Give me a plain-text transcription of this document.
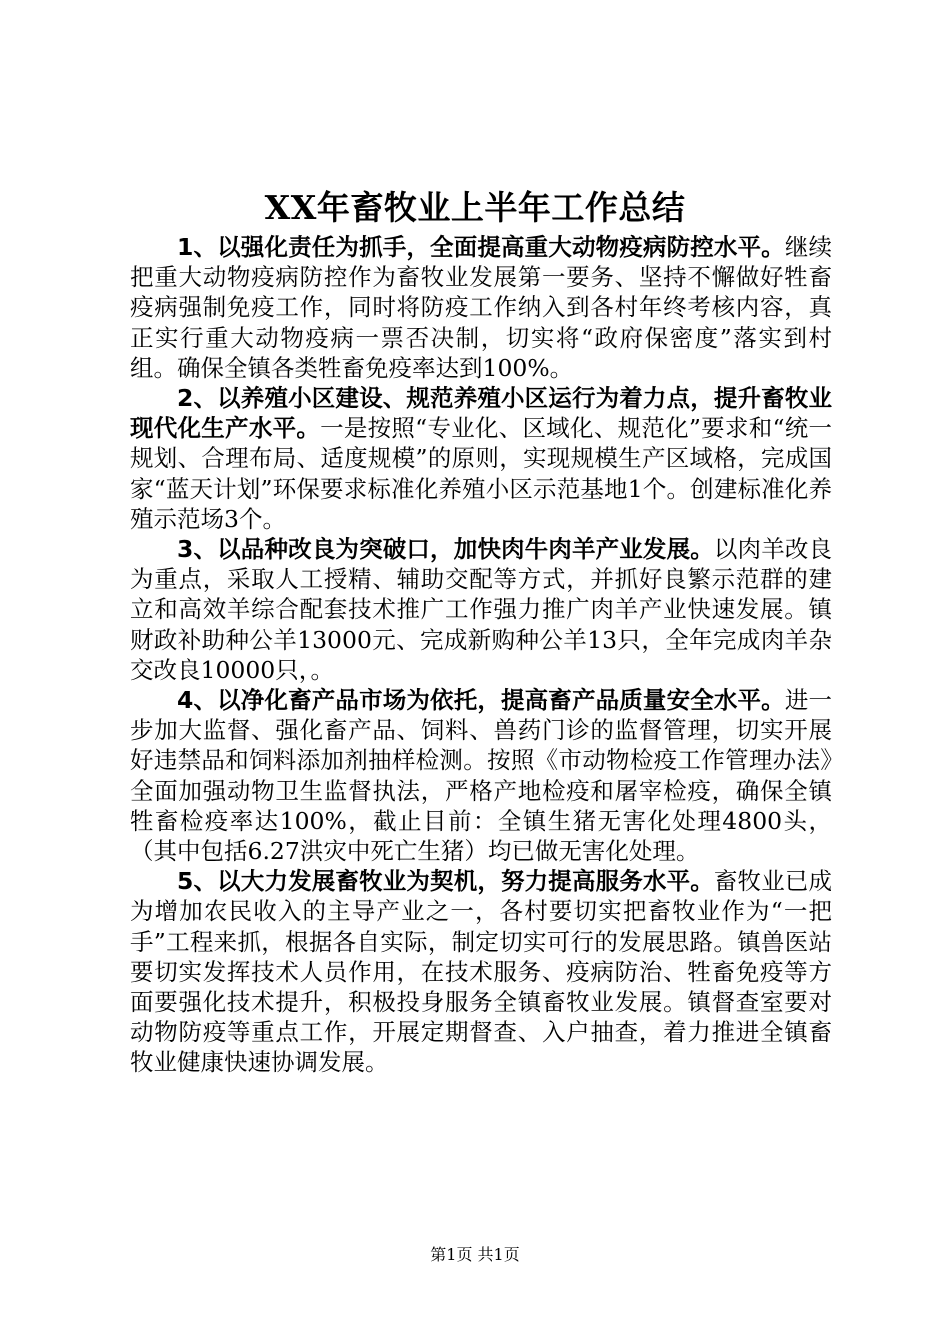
XX年畜牧业上半年工作总结

1、以强化责任为抓手，全面提高重大动物疫病防控水平。继续把重大动物疫病防控作为畜牧业发展第一要务、坚持不懈做好牲畜疫病强制免疫工作，同时将防疫工作纳入到各村年终考核内容，真正实行重大动物疫病一票否决制，切实将“政府保密度”落实到村组。确保全镇各类牲畜免疫率达到100%。

2、以养殖小区建设、规范养殖小区运行为着力点，提升畜牧业现代化生产水平。一是按照“专业化、区域化、规范化”要求和“统一规划、合理布局、适度规模”的原则，实现规模生产区域格，完成国家“蓝天计划”环保要求标准化养殖小区示范基地1个。创建标准化养殖示范场3个。

3、以品种改良为突破口，加快肉牛肉羊产业发展。以肉羊改良为重点，采取人工授精、辅助交配等方式，并抓好良繁示范群的建立和高效羊综合配套技术推广工作强力推广肉羊产业快速发展。镇财政补助种公羊13000元、完成新购种公羊13只，全年完成肉羊杂交改良10000只，。

4、以净化畜产品市场为依托，提高畜产品质量安全水平。进一步加大监督、强化畜产品、饲料、兽药门诊的监督管理，切实开展好违禁品和饲料添加剂抽样检测。按照《市动物检疫工作管理办法》全面加强动物卫生监督执法，严格产地检疫和屠宰检疫，确保全镇牲畜检疫率达100%，截止目前：全镇生猪无害化处理4800头，（其中包括6.27洪灾中死亡生猪）均已做无害化处理。

5、以大力发展畜牧业为契机，努力提高服务水平。畜牧业已成为增加农民收入的主导产业之一，各村要切实把畜牧业作为“一把手”工程来抓，根据各自实际，制定切实可行的发展思路。镇兽医站要切实发挥技术人员作用，在技术服务、疫病防治、牲畜免疫等方面要强化技术提升，积极投身服务全镇畜牧业发展。镇督查室要对动物防疫等重点工作，开展定期督查、入户抽查，着力推进全镇畜牧业健康快速协调发展。

第1页 共1页
